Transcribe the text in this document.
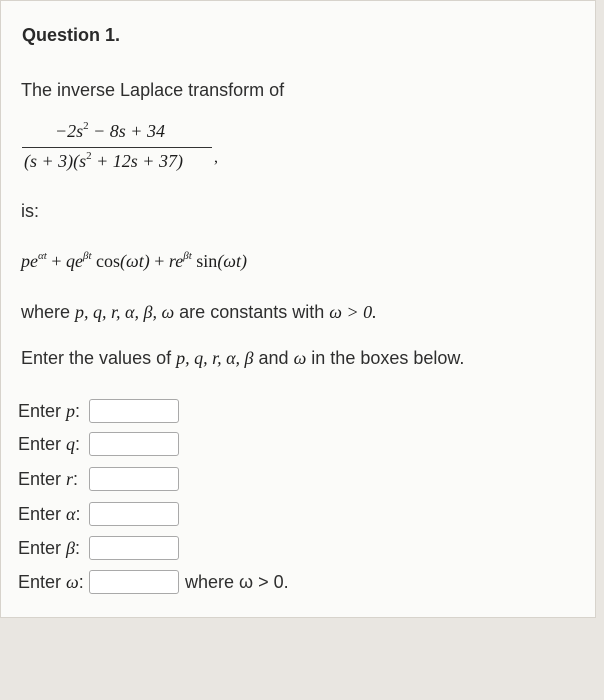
Question 1.
The inverse Laplace transform of
$-2s^2 - 8s + 34$
$(s + 3)(s^2 + 12s + 37)$ ,
is:
$pe^{\alpha t} + qe^{\beta t}$ $\cos(\omega t) + re^{\beta t}$ sin(ωt)
where p, q, r, α, β, ω are constants with ω > 0.
Enter the values of p, q, r, α, β and ω in the boxes below.
Enter p:
Enter q:
Enter r:
Enter α:
Enter β:
Enter ω:	where ω > 0.
